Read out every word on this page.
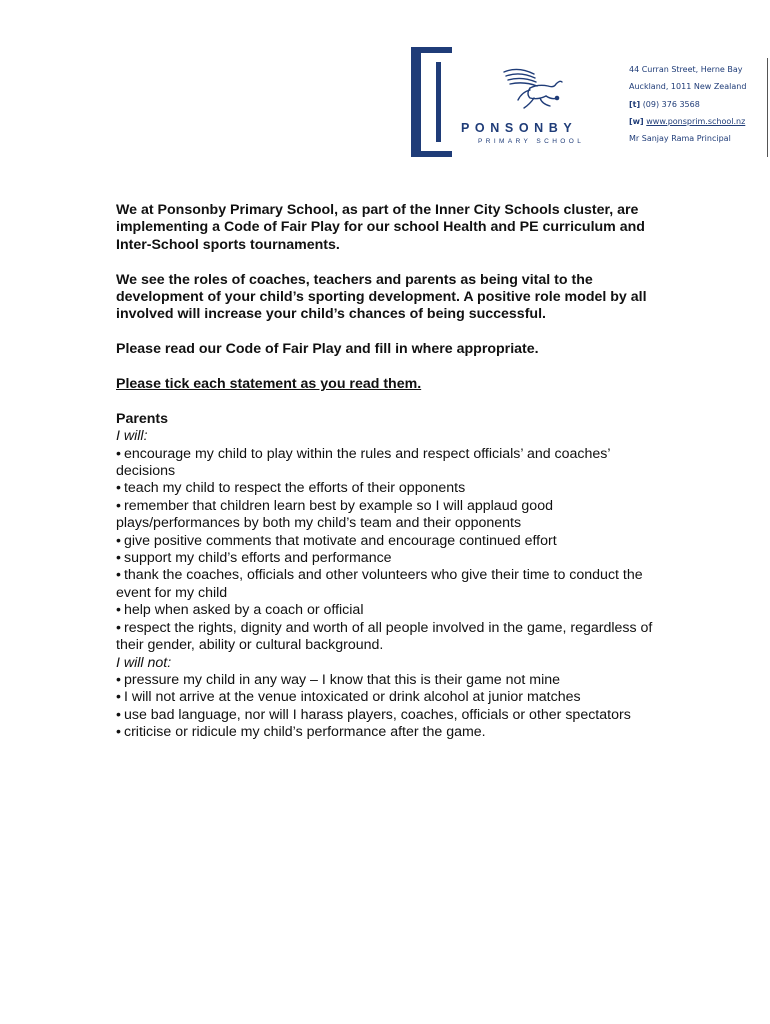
PONSONBY
PRIMARY SCHOOL
44 Curran Street, Herne Bay
Auckland, 1011 New Zealand
[t] (09) 376 3568
[w] www.ponsprim.school.nz
Mr Sanjay Rama Principal

We at Ponsonby Primary School, as part of the Inner City Schools cluster, are implementing a Code of Fair Play for our school Health and PE curriculum and Inter-School sports tournaments.

We see the roles of coaches, teachers and parents as being vital to the development of your child’s sporting development. A positive role model by all involved will increase your child’s chances of being successful.

Please read our Code of Fair Play and fill in where appropriate.

Please tick each statement as you read them.

Parents

I will:

• encourage my child to play within the rules and respect officials’ and coaches’ decisions
• teach my child to respect the efforts of their opponents
• remember that children learn best by example so I will applaud good plays/performances by both my child’s team and their opponents
• give positive comments that motivate and encourage continued effort
• support my child’s efforts and performance
• thank the coaches, officials and other volunteers who give their time to conduct the event for my child
• help when asked by a coach or official
• respect the rights, dignity and worth of all people involved in the game, regardless of their gender, ability or cultural background.

I will not:

• pressure my child in any way – I know that this is their game not mine
• I will not arrive at the venue intoxicated or drink alcohol at junior matches
• use bad language, nor will I harass players, coaches, officials or other spectators
• criticise or ridicule my child’s performance after the game.
